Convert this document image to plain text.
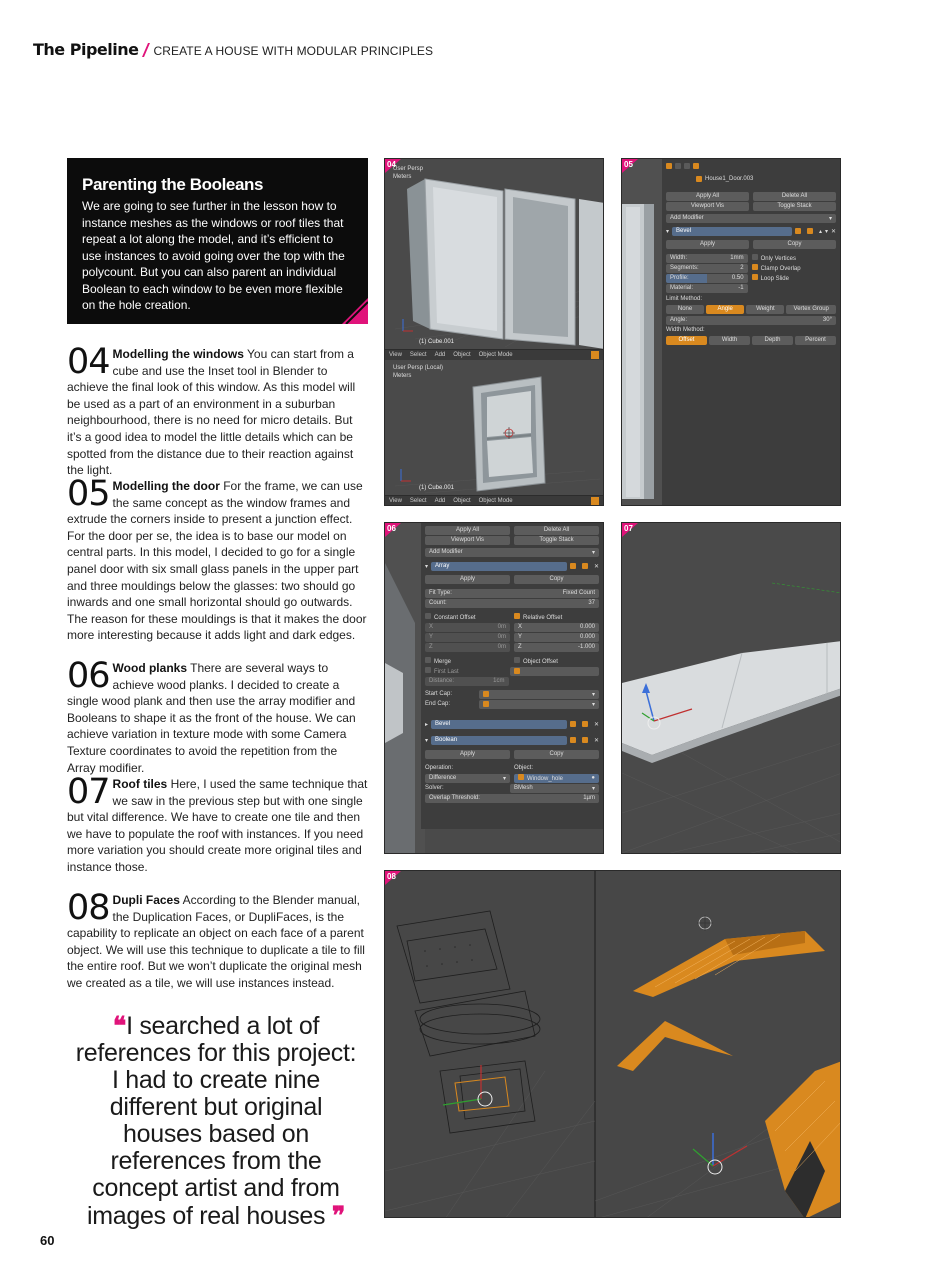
The Pipeline CREATE A HOUSE WITH MODULAR PRINCIPLES
Parenting the Booleans

We are going to see further in the lesson how to instance meshes as the windows or roof tiles that repeat a lot along the model, and it’s efficient to use instances to avoid going over the top with the polycount. But you can also parent an individual Boolean to each window to be even more flexible on the hole creation.

04 Modelling the windows You can start from a cube and use the Inset tool in Blender to achieve the final look of this window. As this model will be used as a part of an environment in a suburban neighbourhood, there is no need for micro details. But it’s a good idea to model the little details which can be spotted from the distance due to their reaction against the light.
05 Modelling the door For the frame, we can use the same concept as the window frames and extrude the corners inside to present a junction effect. For the door per se, the idea is to base our model on central parts. In this model, I decided to go for a single panel door with six small glass panels in the upper part and three mouldings below the glasses: two should go inwards and one small horizontal should go outwards. The reason for these mouldings is that it makes the door more interesting because it adds light and dark edges.
06 Wood planks There are several ways to achieve wood planks. I decided to create a single wood plank and then use the array modifier and Booleans to shape it as the front of the house. We can achieve variation in texture mode with some Camera Texture coordinates to avoid the repetition from the Array modifier.
07 Roof tiles Here, I used the same technique that we saw in the previous step but with one single but vital difference. We have to create one tile and then we have to populate the roof with instances. If you need more variation you should create more original tiles and instance those.
08 Dupli Faces According to the Blender manual, the Duplication Faces, or DupliFaces, is the capability to replicate an object on each face of a parent object. We will use this technique to duplicate a tile to fill the entire roof. But we won’t duplicate the original mesh we created as a tile, we will use instances instead.
❝I searched a lot of references for this project: I had to create nine different but original houses based on references from the concept artist and from images of real houses ❞
60
04
User Persp
Meters
(1) Cube.001
View Select Add Object Object Mode
User Persp (Local)
Meters
(1) Cube.001
View Select Add Object Object Mode
05
House1_Door.003
Apply All	Delete All
Viewport Vis	Toggle Stack
Add Modifier	▾
▾	Bevel	▴ ▾ ✕
Apply	Copy
Width:	1mm	Only Vertices
Segments:	2	Clamp Overlap
Profile:	0.50	Loop Slide
Material:	-1
Limit Method:
None	Angle	Weight	Vertex Group
Angle:	30°
Width Method:
Offset	Width	Depth	Percent
06	Apply All	Delete All
Viewport Vis	Toggle Stack
Add Modifier	▾
▾	Array	✕
Apply	Copy
Fit Type:	Fixed Count
Count:	37
Constant Offset	Relative Offset
X	0m X	0.000
Y	0m Y	0.000
Z	0m Z	-1.000
Merge	Object Offset
First Last
Distance:	1cm
Start Cap:	▾
End Cap:	▾
▸	Bevel	✕
▾	Boolean	✕
Apply	Copy
Operation:	Object:
Difference	▾	Window_hole	●
Solver:	BMesh	▾
Overlap Threshold:	1µm
07
08
